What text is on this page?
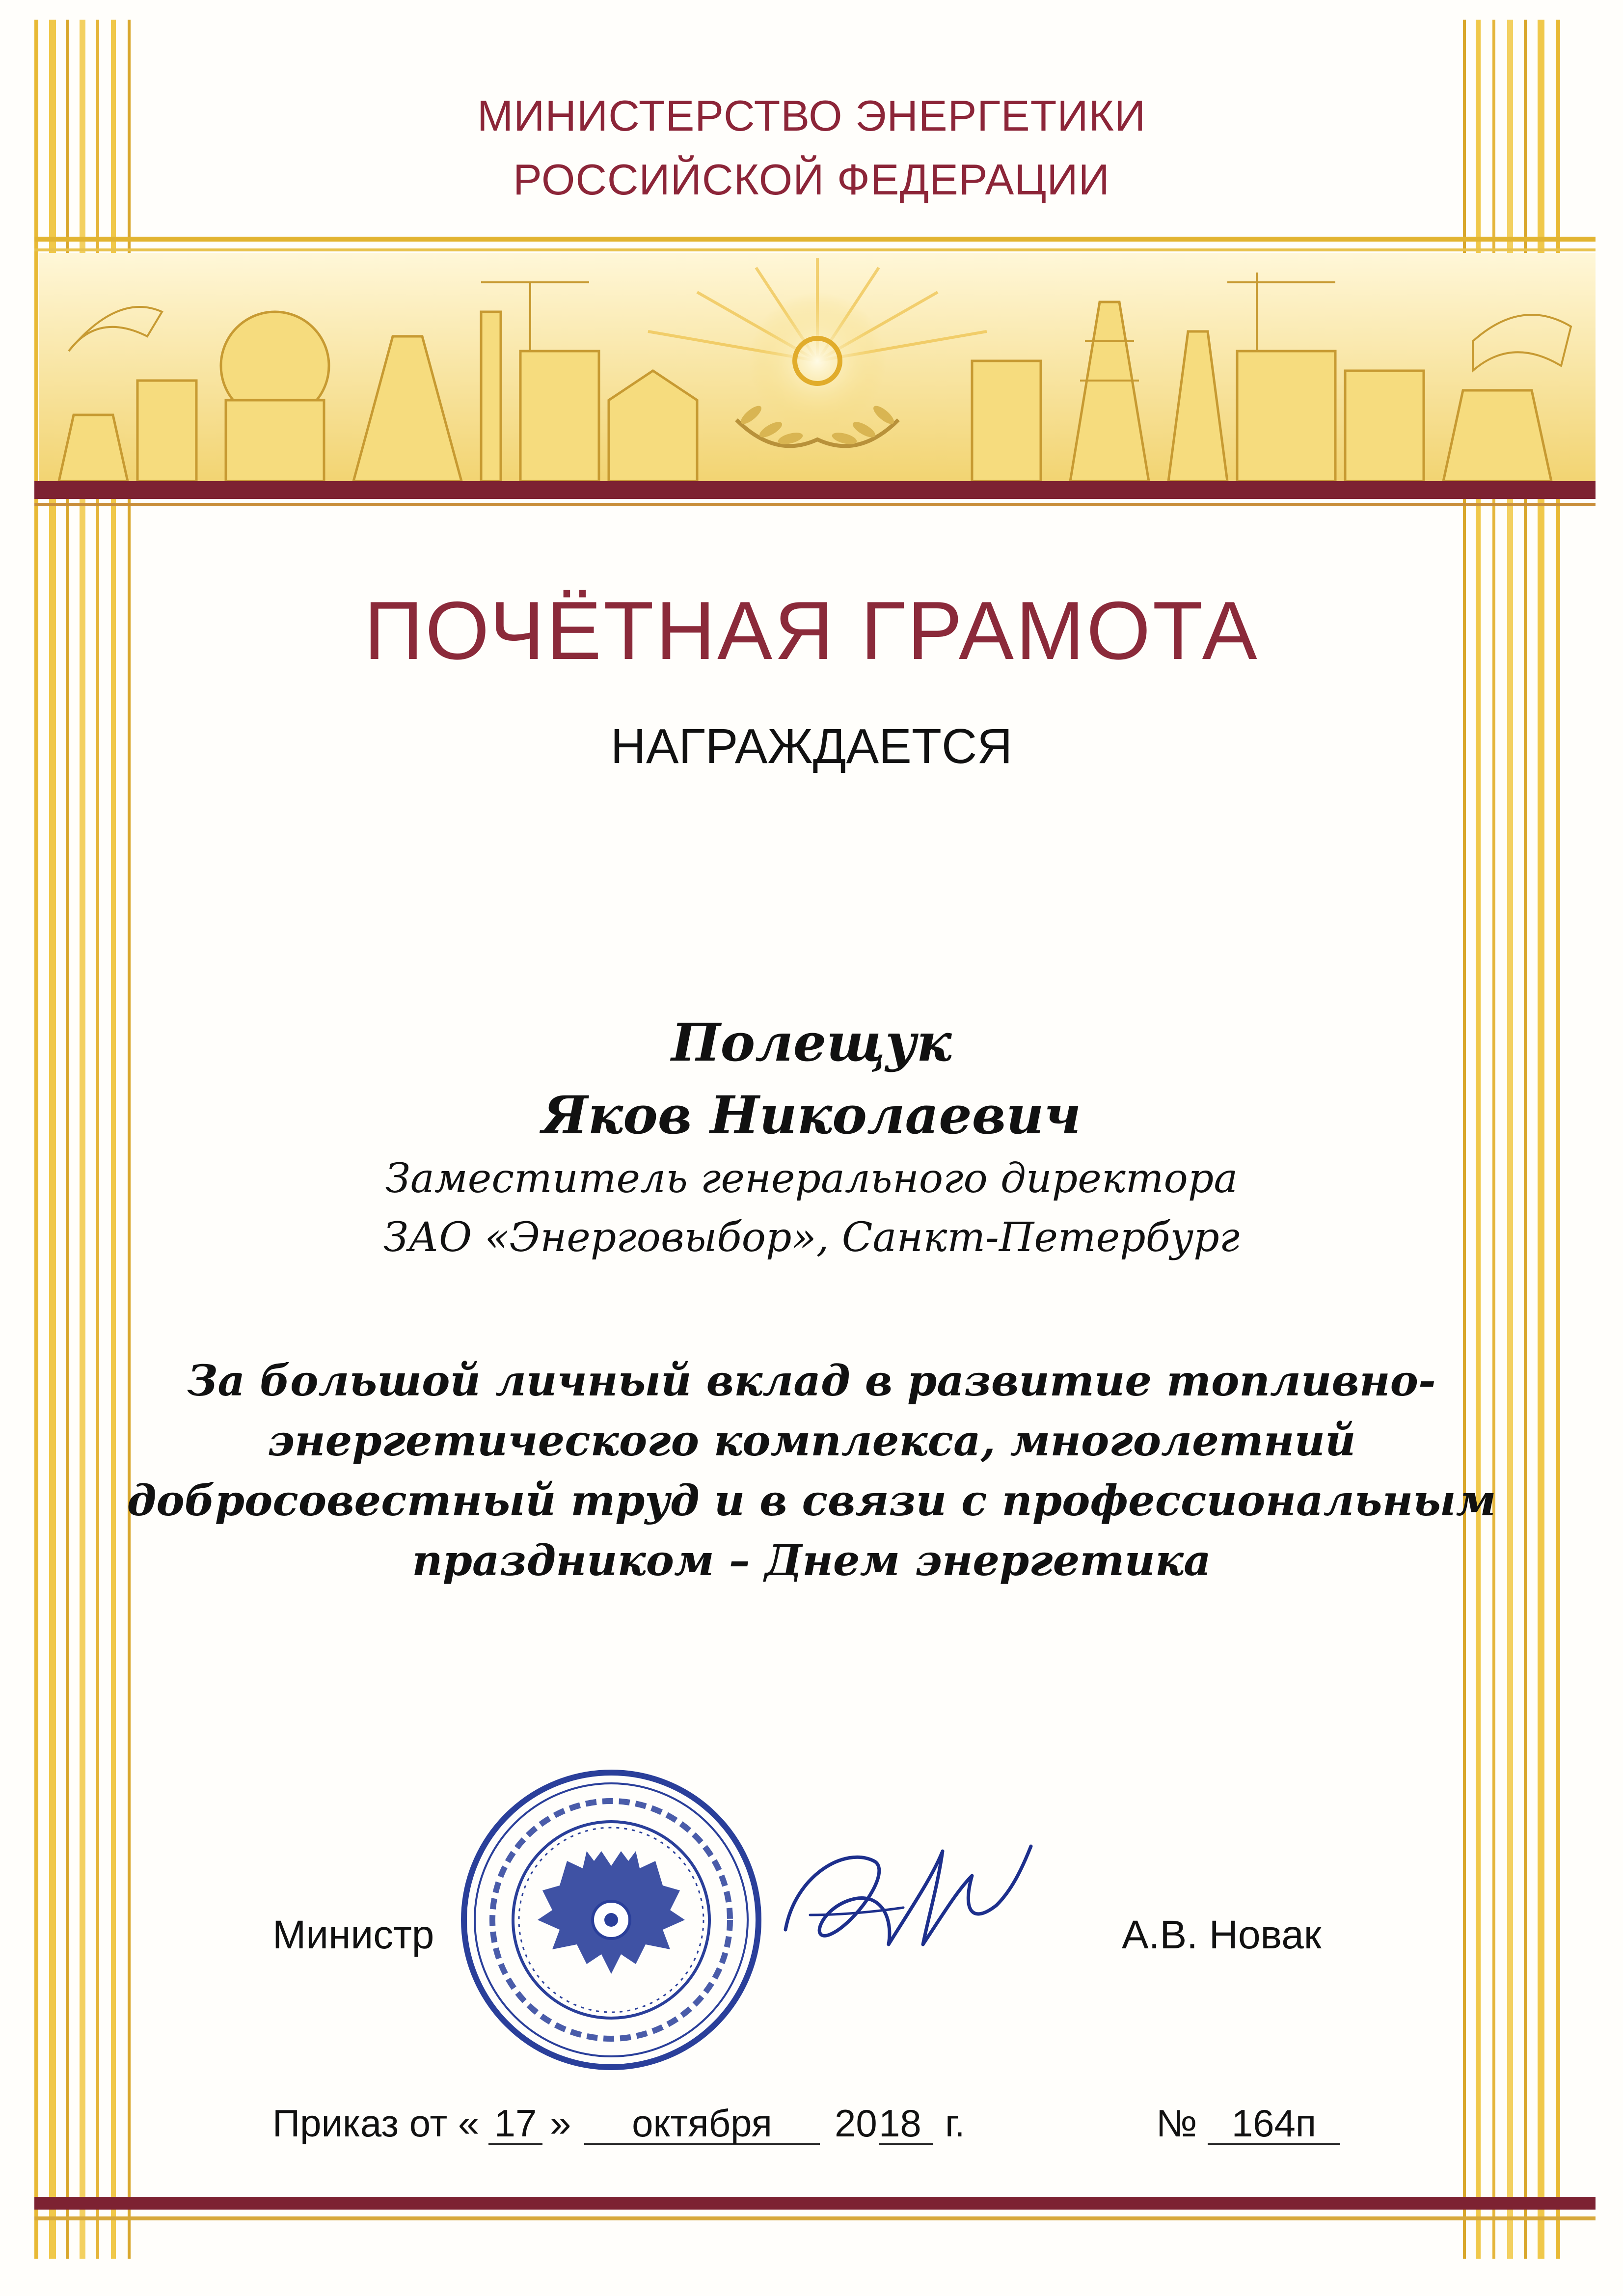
МИНИСТЕРСТВО ЭНЕРГЕТИКИ
РОССИЙСКОЙ ФЕДЕРАЦИИ
ПОЧЁТНАЯ ГРАМОТА
НАГРАЖДАЕТСЯ
Полещук
Яков Николаевич
Заместитель генерального директора
ЗАО «Энерговыбор», Санкт-Петербург
За большой личный вклад в развитие топливно-
энергетического комплекса, многолетний
добросовестный труд и в связи с профессиональным
праздником – Днем энергетика
Министр	А.В. Новак
Приказ от « 17 »	октября	20 18 г.	№ 164п
